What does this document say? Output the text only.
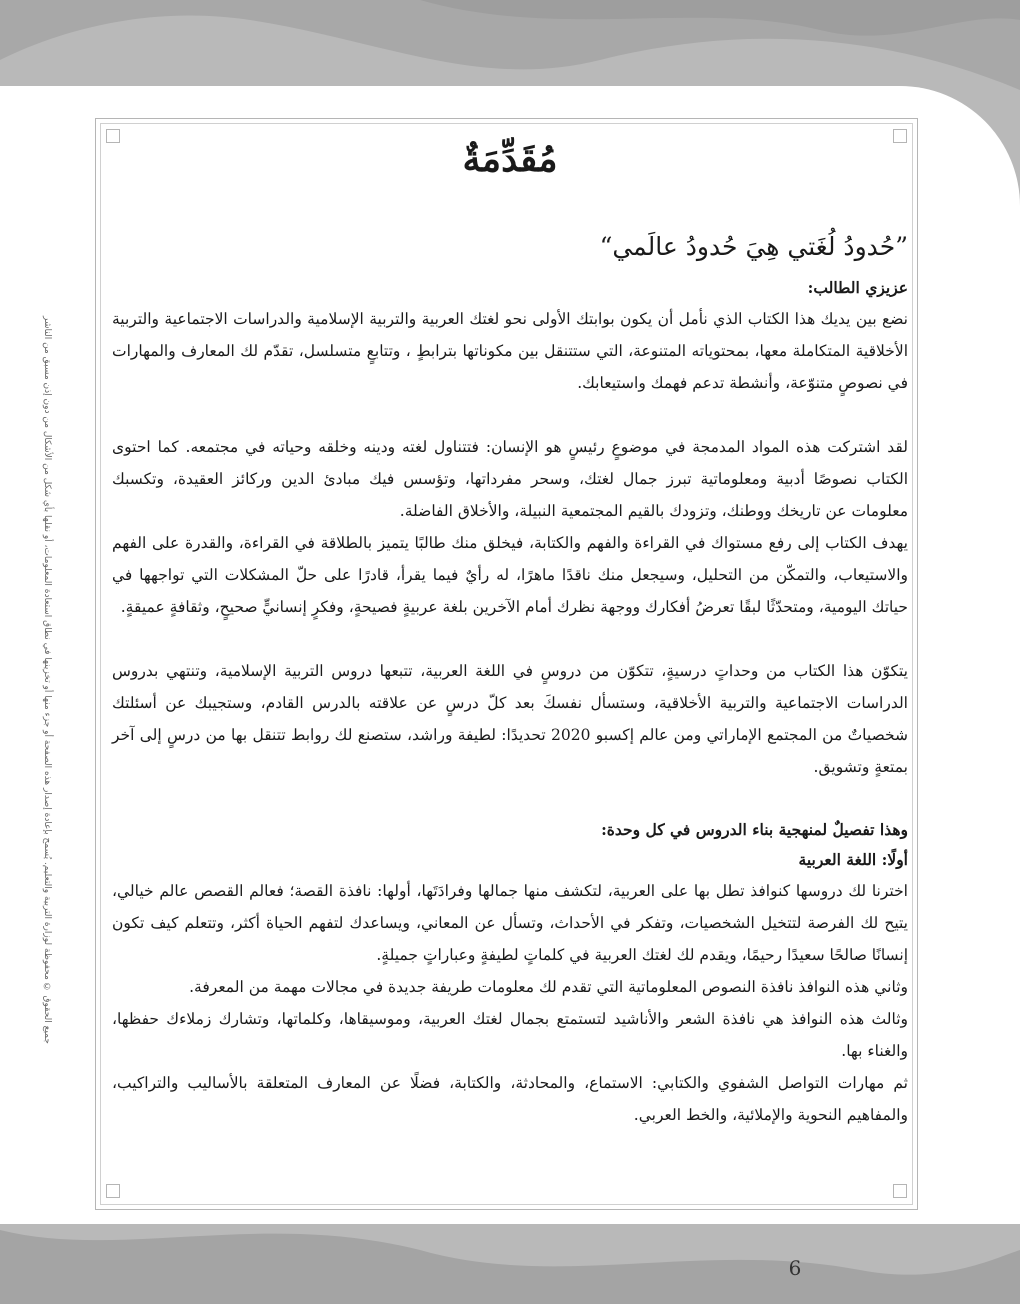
جميع الحقوق © محفوظة لوزارة التربية والتعليم. يُسمح بإعادة إصدار هذه الصفحة أو جزء منها أو تخزينها في نطاق استعادة المعلومات، أو نقلها بأي شكل من الأشكال من دون إذن مسبق من الناشر
مُقَدِّمَةٌ
”حُدودُ لُغَتي هِيَ حُدودُ عالَمي“
عزيزي الطالب:

نضع بين يديك هذا الكتاب الذي نأمل أن يكون بوابتك الأولى نحو لغتك العربية والتربية الإسلامية والدراسات الاجتماعية والتربية الأخلاقية المتكاملة معها، بمحتوياته المتنوعة، التي ستتنقل بين مكوناتها بترابطٍ ، وتتابعٍ متسلسل، تقدّم لك المعارف والمهارات في نصوصٍ متنوّعة، وأنشطة تدعم فهمك واستيعابك.

لقد اشتركت هذه المواد المدمجة في موضوعٍ رئيسٍ هو الإنسان: فتتناول لغته ودينه وخلقه وحياته في مجتمعه. كما احتوى الكتاب نصوصًا أدبية ومعلوماتية تبرز جمال لغتك، وسحر مفرداتها، وتؤسس فيك مبادئ الدين وركائز العقيدة، وتكسبك معلومات عن تاريخك ووطنك، وتزودك بالقيم المجتمعية النبيلة، والأخلاق الفاضلة.

يهدف الكتاب إلى رفع مستواك في القراءة والفهم والكتابة، فيخلق منك طالبًا يتميز بالطلاقة في القراءة، والقدرة على الفهم والاستيعاب، والتمكّن من التحليل، وسيجعل منك ناقدًا ماهرًا، له رأيٌ فيما يقرأ، قادرًا على حلّ المشكلات التي تواجهها في حياتك اليومية، ومتحدّثًا لبقًا تعرضُ أفكارك ووجهة نظرك أمام الآخرين بلغة عربيةٍ فصيحةٍ، وفكرٍ إنسانيٍّ صحيحٍ، وثقافةٍ عميقةٍ.

يتكوّن هذا الكتاب من وحداتٍ درسيةٍ، تتكوّن من دروسٍ في اللغة العربية، تتبعها دروس التربية الإسلامية، وتنتهي بدروس الدراسات الاجتماعية والتربية الأخلاقية، وستسأل نفسكَ بعد كلّ درسٍ عن علاقته بالدرس القادم، وستجيبك عن أسئلتك شخصياتٌ من المجتمع الإماراتي ومن عالم إكسبو 2020 تحديدًا: لطيفة وراشد، ستصنع لك روابط تتنقل بها من درسٍ إلى آخر بمتعةٍ وتشويق.

وهذا تفصيلٌ لمنهجية بناء الدروس في كل وحدة:
أولًا: اللغة العربية

اخترنا لك دروسها كنوافذ تطل بها على العربية، لتكشف منها جمالها وفرادَتَها، أولها: نافذة القصة؛ فعالم القصص عالم خيالي، يتيح لك الفرصة لتتخيل الشخصيات، وتفكر في الأحداث، وتسأل عن المعاني، ويساعدك لتفهم الحياة أكثر، وتتعلم كيف تكون إنسانًا صالحًا سعيدًا رحيمًا، ويقدم لك لغتك العربية في كلماتٍ لطيفةٍ وعباراتٍ جميلةٍ.

وثاني هذه النوافذ نافذة النصوص المعلوماتية التي تقدم لك معلومات طريفة جديدة في مجالات مهمة من المعرفة.

وثالث هذه النوافذ هي نافذة الشعر والأناشيد لتستمتع بجمال لغتك العربية، وموسيقاها، وكلماتها، وتشارك زملاءك حفظها، والغناء بها.

ثم مهارات التواصل الشفوي والكتابي: الاستماع، والمحادثة، والكتابة، فضلًا عن المعارف المتعلقة بالأساليب والتراكيب، والمفاهيم النحوية والإملائية، والخط العربي.

6
